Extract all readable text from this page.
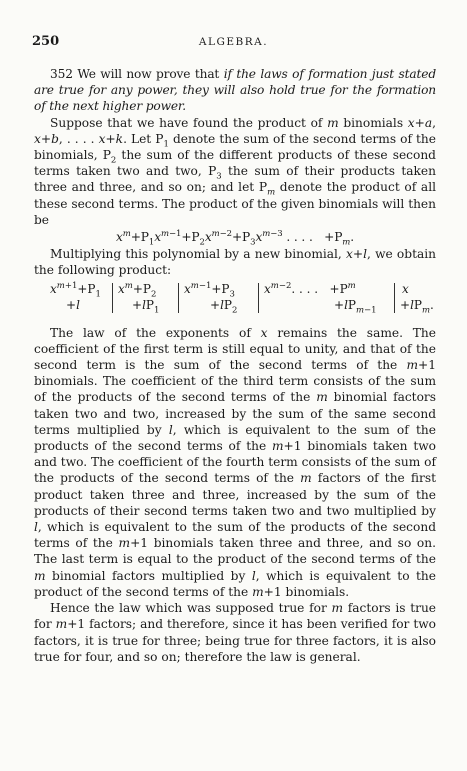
250	ALGEBRA.

352 We will now prove that if the laws of formation just stated are true for any power, they will also hold true for the formation of the next higher power.

Suppose that we have found the product of m binomials x+a, x+b, . . . . x+k. Let $P_1$ denote the sum of the second terms of the binomials, $P_2$ the sum of the different products of these second terms taken two and two, $P_3$ the sum of their products taken three and three, and so on; and let $P_m$ denote the product of all these second terms. The product of the given binomials will then be

$x^m+P_1x^{m-1}+P_2x^{m-2}+P_3x^{m-3}$ . . . .   $+P_m$.

Multiplying this polynomial by a new binomial, x+l, we obtain the following product:

$x^{m+1}+P_1$
+l
$x^m+P_2$
$+lP_1$
$x^{m-1}+P_3$
$+lP_2$
$x^{m-2}$. . . .   $+P^m$
$+lP_{m-1}$
x
$+lP_m$.

The law of the exponents of x remains the same. The coefficient of the first term is still equal to unity, and that of the second term is the sum of the second terms of the m+1 binomials. The coefficient of the third term consists of the sum of the products of the second terms of the m binomial factors taken two and two, increased by the sum of the same second terms multiplied by l, which is equivalent to the sum of the products of the second terms of the m+1 binomials taken two and two. The coefficient of the fourth term consists of the sum of the products of the second terms of the m factors of the first product taken three and three, increased by the sum of the products of their second terms taken two and two multiplied by l, which is equivalent to the sum of the products of the second terms of the m+1 binomials taken three and three, and so on. The last term is equal to the product of the second terms of the m binomial factors multiplied by l, which is equivalent to the product of the second terms of the m+1 binomials.

Hence the law which was supposed true for m factors is true for m+1 factors; and therefore, since it has been verified for two factors, it is true for three; being true for three factors, it is also true for four, and so on; therefore the law is general.
